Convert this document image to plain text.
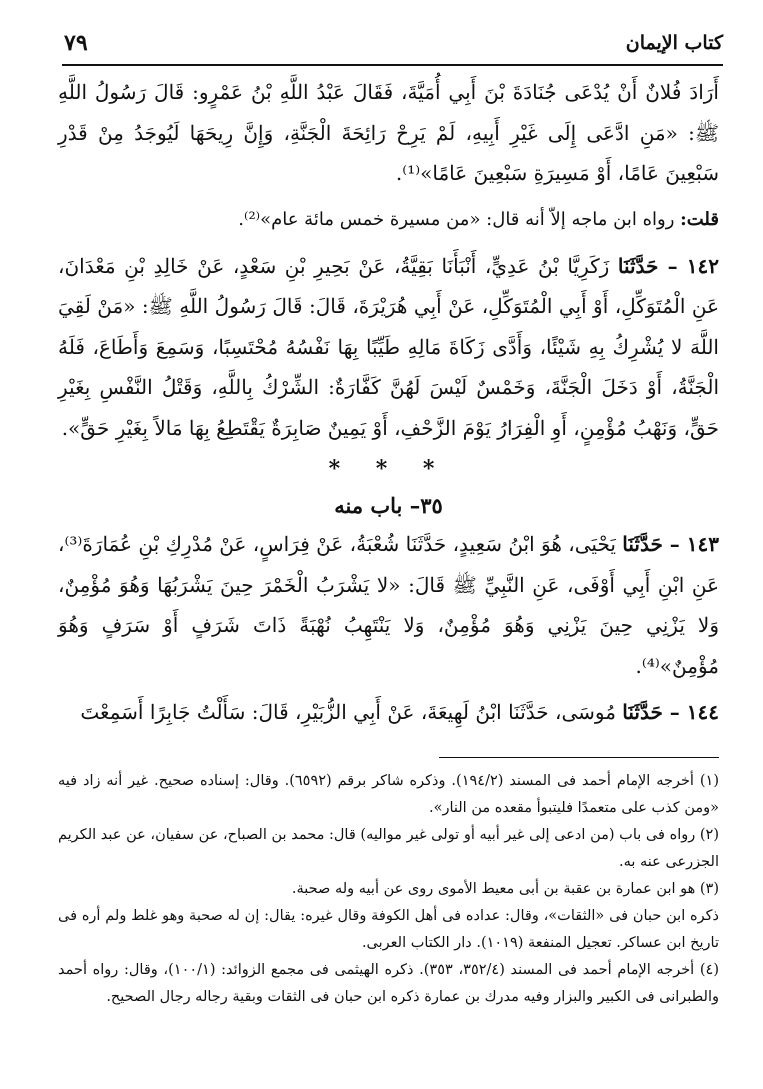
كتاب الإيمان
٧٩

أَرَادَ فُلانٌ أَنْ يُدْعَى جُنَادَةَ بْنَ أَبِي أُمَيَّةَ، فَقَالَ عَبْدُ اللَّهِ بْنُ عَمْرٍو: قَالَ رَسُولُ اللَّهِ ﷺ: «مَنِ ادَّعَى إِلَى غَيْرِ أَبِيهِ، لَمْ يَرِحْ رَائِحَةَ الْجَنَّةِ، وَإِنَّ رِيحَهَا لَيُوجَدُ مِنْ قَدْرِ سَبْعِينَ عَامًا، أَوْ مَسِيرَةِ سَبْعِينَ عَامًا»⁽¹⁾.

قلت: رواه ابن ماجه إلاّ أنه قال: «من مسيرة خمس مائة عام»⁽²⁾.

١٤٢ – حَدَّثَنَا زَكَرِيَّا بْنُ عَدِيٍّ، أَنْبَأَنَا بَقِيَّةُ، عَنْ بَحِيرِ بْنِ سَعْدٍ، عَنْ خَالِدِ بْنِ مَعْدَانَ، عَنِ الْمُتَوَكِّلِ، أَوْ أَبِي الْمُتَوَكِّلِ، عَنْ أَبِي هُرَيْرَةَ، قَالَ: قَالَ رَسُولُ اللَّهِ ﷺ: «مَنْ لَقِيَ اللَّهَ لا يُشْرِكُ بِهِ شَيْئًا، وَأَدَّى زَكَاةَ مَالِهِ طَيِّبًا بِهَا نَفْسُهُ مُحْتَسِبًا، وَسَمِعَ وَأَطَاعَ، فَلَهُ الْجَنَّةُ، أَوْ دَخَلَ الْجَنَّةَ، وَخَمْسٌ لَيْسَ لَهُنَّ كَفَّارَةٌ: الشِّرْكُ بِاللَّهِ، وَقَتْلُ النَّفْسِ بِغَيْرِ حَقٍّ، وَنَهْبُ مُؤْمِنٍ، أَوِ الْفِرَارُ يَوْمَ الزَّحْفِ، أَوْ يَمِينٌ صَابِرَةٌ يَقْتَطِعُ بِهَا مَالاً بِغَيْرِ حَقٍّ».

* * *

٣٥– باب منه

١٤٣ – حَدَّثَنَا يَحْيَى، هُوَ ابْنُ سَعِيدٍ، حَدَّثَنَا شُعْبَةُ، عَنْ فِرَاسٍ، عَنْ مُدْرِكِ بْنِ عُمَارَةَ⁽³⁾، عَنِ ابْنِ أَبِي أَوْفَى، عَنِ النَّبِيِّ ﷺ قَالَ: «لا يَشْرَبُ الْخَمْرَ حِينَ يَشْرَبُهَا وَهُوَ مُؤْمِنٌ، وَلا يَزْنِي حِينَ يَزْنِي وَهُوَ مُؤْمِنٌ، وَلا يَنْتَهِبُ نُهْبَةً ذَاتَ شَرَفٍ أَوْ سَرَفٍ وَهُوَ مُؤْمِنٌ»⁽⁴⁾.

١٤٤ – حَدَّثَنَا مُوسَى، حَدَّثَنَا ابْنُ لَهِيعَةَ، عَنْ أَبِي الزُّبَيْرِ، قَالَ: سَأَلْتُ جَابِرًا أَسَمِعْتَ

(١) أخرجه الإمام أحمد فى المسند (١٩٤/٢). وذكره شاكر برقم (٦٥٩٢). وقال: إسناده صحيح. غير أنه زاد فيه «ومن كذب على متعمدًا فليتبوأ مقعده من النار».

(٢) رواه فى باب (من ادعى إلى غير أبيه أو تولى غير مواليه) قال: محمد بن الصباح، عن سفيان، عن عبد الكريم الجزرعى عنه به.

(٣) هو ابن عمارة بن عقبة بن أبى معيط الأموى روى عن أبيه وله صحبة.

ذكره ابن حبان فى «الثقات»، وقال: عداده فى أهل الكوفة وقال غيره: يقال: إن له صحبة وهو غلط ولم أره فى تاريخ ابن عساكر. تعجيل المنفعة (١٠١٩). دار الكتاب العربى.

(٤) أخرجه الإمام أحمد فى المسند (٣٥٢/٤، ٣٥٣). ذكره الهيثمى فى مجمع الزوائد: (١٠٠/١)، وقال: رواه أحمد والطبرانى فى الكبير والبزار وفيه مدرك بن عمارة ذكره ابن حبان فى الثقات وبقية رجاله رجال الصحيح.
